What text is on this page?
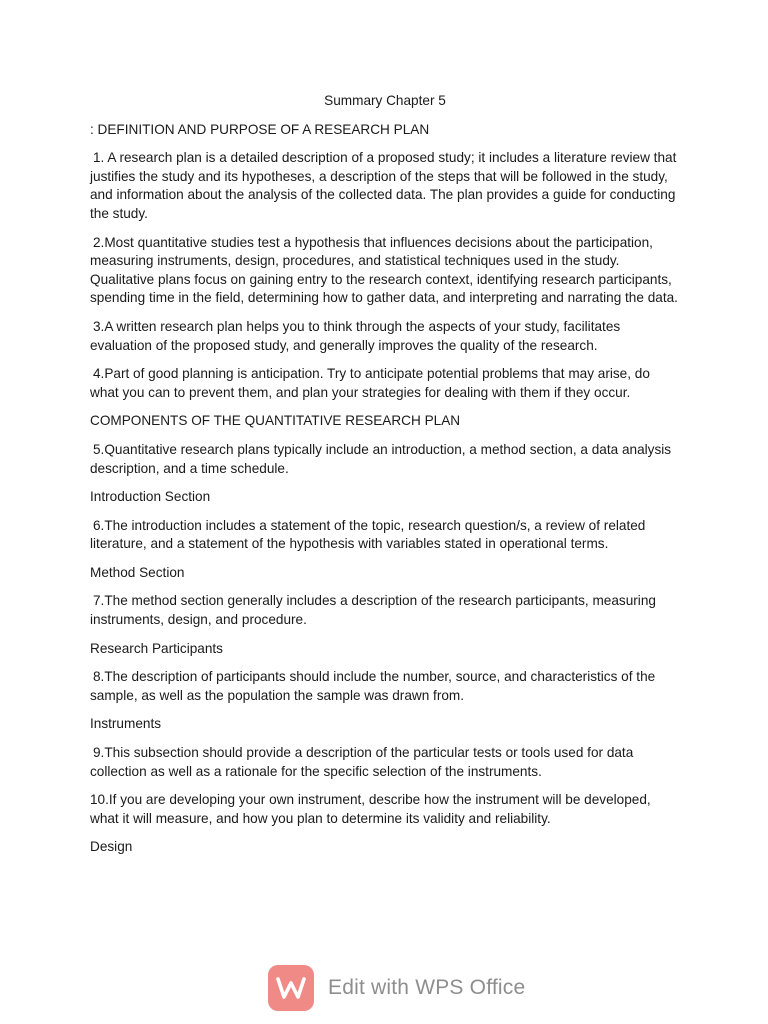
Summary Chapter 5
: DEFINITION AND PURPOSE OF A RESEARCH PLAN
1. A research plan is a detailed description of a proposed study; it includes a literature review that justifies the study and its hypotheses, a description of the steps that will be followed in the study, and information about the analysis of the collected data. The plan provides a guide for conducting the study.
2.Most quantitative studies test a hypothesis that influences decisions about the participation, measuring instruments, design, procedures, and statistical techniques used in the study. Qualitative plans focus on gaining entry to the research context, identifying research participants, spending time in the field, determining how to gather data, and interpreting and narrating the data.
3.A written research plan helps you to think through the aspects of your study, facilitates evaluation of the proposed study, and generally improves the quality of the research.
4.Part of good planning is anticipation. Try to anticipate potential problems that may arise, do what you can to prevent them, and plan your strategies for dealing with them if they occur.
COMPONENTS OF THE QUANTITATIVE RESEARCH PLAN
5.Quantitative research plans typically include an introduction, a method section, a data analysis description, and a time schedule.
Introduction Section
6.The introduction includes a statement of the topic, research question/s, a review of related literature, and a statement of the hypothesis with variables stated in operational terms.
Method Section
7.The method section generally includes a description of the research participants, measuring instruments, design, and procedure.
Research Participants
8.The description of participants should include the number, source, and characteristics of the sample, as well as the population the sample was drawn from.
Instruments
9.This subsection should provide a description of the particular tests or tools used for data collection as well as a rationale for the specific selection of the instruments.
10.If you are developing your own instrument, describe how the instrument will be developed, what it will measure, and how you plan to determine its validity and reliability.
Design
Edit with WPS Office
